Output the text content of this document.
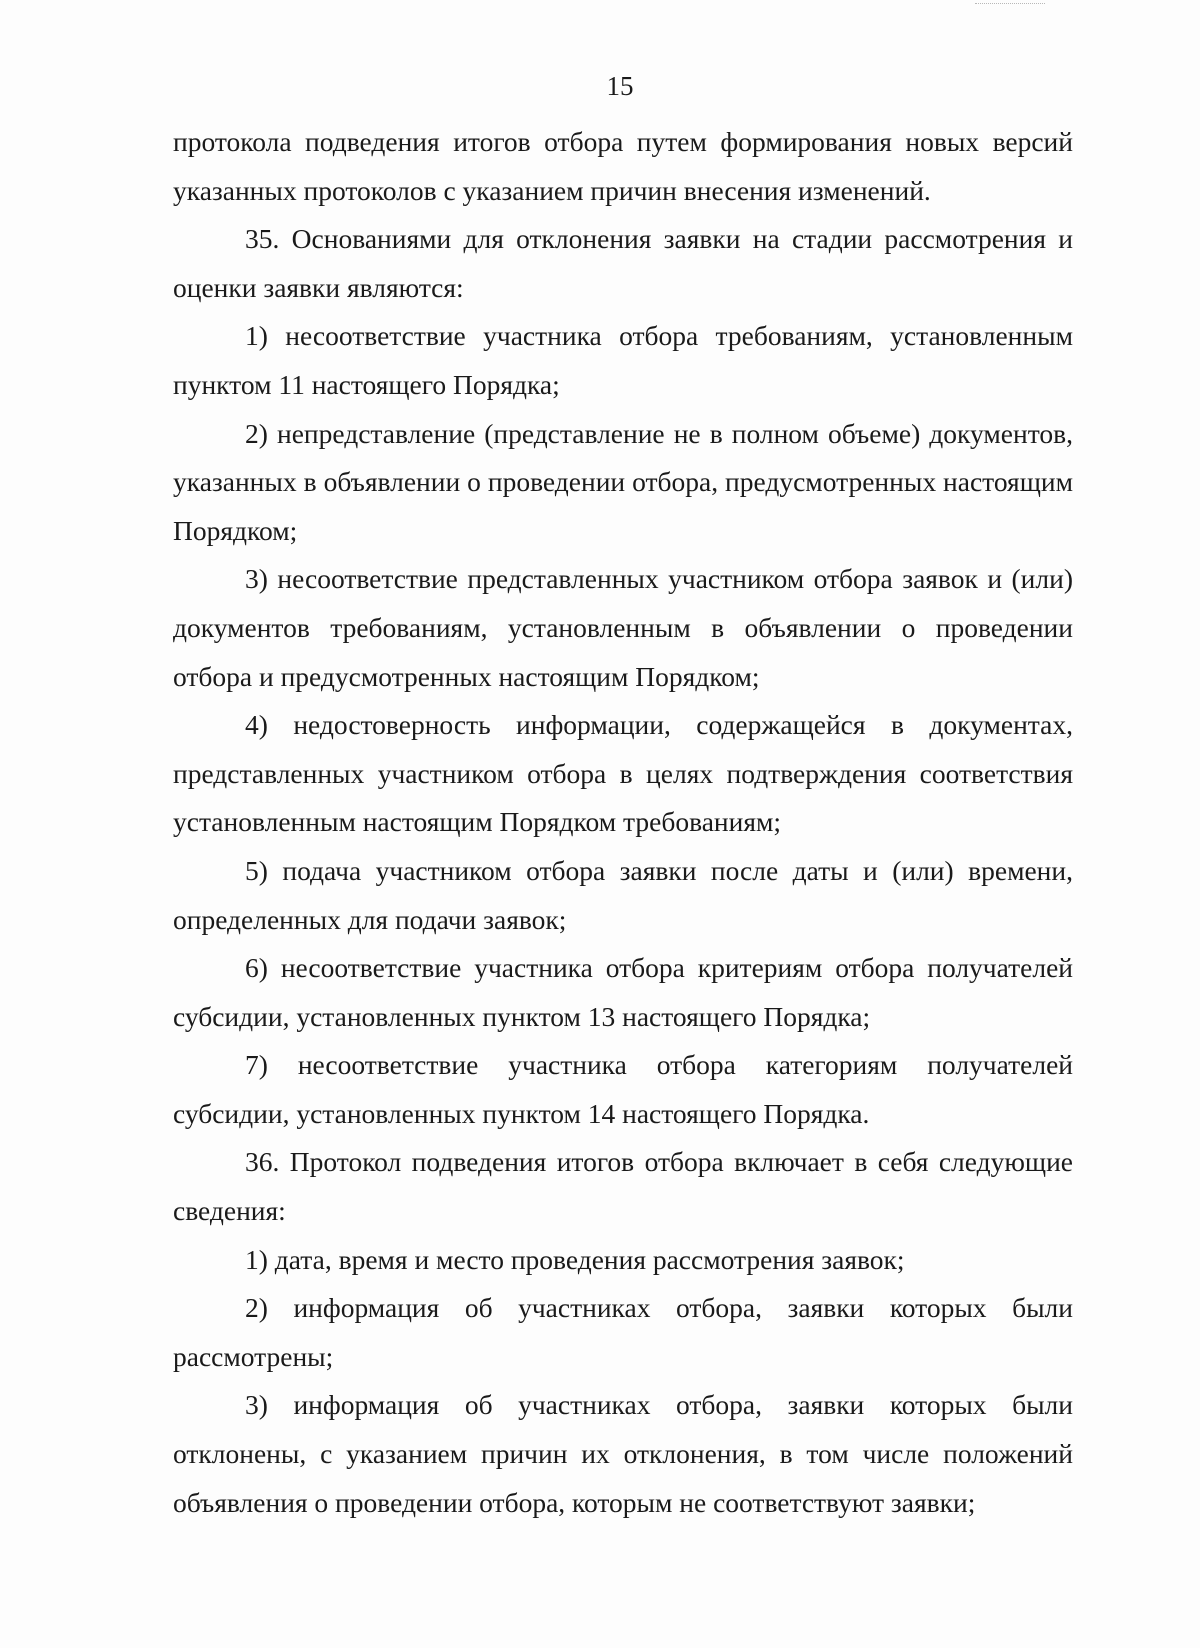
15

протокола подведения итогов отбора путем формирования новых версий указанных протоколов с указанием причин внесения изменений.

35. Основаниями для отклонения заявки на стадии рассмотрения и оценки заявки являются:

1) несоответствие участника отбора требованиям, установленным пунктом 11 настоящего Порядка;

2) непредставление (представление не в полном объеме) документов, указанных в объявлении о проведении отбора, предусмотренных настоящим Порядком;

3) несоответствие представленных участником отбора заявок и (или) документов требованиям, установленным в объявлении о проведении отбора и предусмотренных настоящим Порядком;

4) недостоверность информации, содержащейся в документах, представленных участником отбора в целях подтверждения соответствия установленным настоящим Порядком требованиям;

5) подача участником отбора заявки после даты и (или) времени, определенных для подачи заявок;

6) несоответствие участника отбора критериям отбора получателей субсидии, установленных пунктом 13 настоящего Порядка;

7) несоответствие участника отбора категориям получателей субсидии, установленных пунктом 14 настоящего Порядка.

36. Протокол подведения итогов отбора включает в себя следующие сведения:

1) дата, время и место проведения рассмотрения заявок;

2) информация об участниках отбора, заявки которых были рассмотрены;

3) информация об участниках отбора, заявки которых были отклонены, с указанием причин их отклонения, в том числе положений объявления о проведении отбора, которым не соответствуют заявки;
